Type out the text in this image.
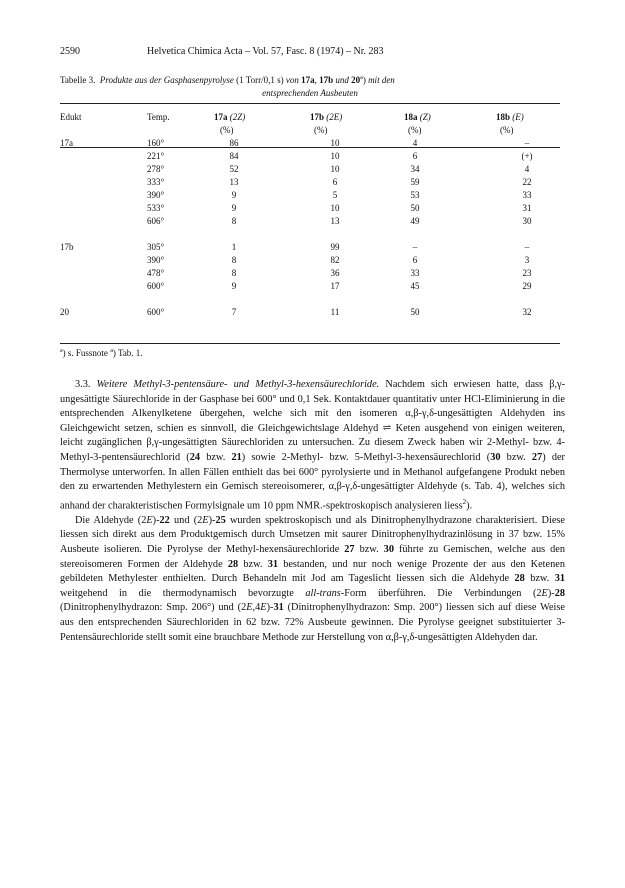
2590	Helvetica Chimica Acta – Vol. 57, Fasc. 8 (1974) – Nr. 283
Tabelle 3. Produkte aus der Gasphasenpyrolyse (1 Torr/0,1 s) von 17a, 17b und 20$^a$) mit den
entsprechenden Ausbeuten
Edukt	Temp.	17a (2Z)	17b (2E)	18a (Z)	18b (E)
		(%)	(%)	(%)	(%)
17a	160°	86	10	4	–
	221°	84	10	6	(+)
	278°	52	10	34	4
	333°	13	6	59	22
	390°	9	5	53	33
	533°	9	10	50	31
	606°	8	13	49	30

17b	305°	1	99	–	–
	390°	8	82	6	3
	478°	8	36	33	23
	600°	9	17	45	29

20	600°	7	11	50	32
$^a$) s. Fussnote $^a$) Tab. 1.

3.3. Weitere Methyl-3-pentensäure- und Methyl-3-hexensäurechloride. Nachdem sich erwiesen hatte, dass β,γ-ungesättigte Säurechloride in der Gasphase bei 600° und 0,1 Sek. Kontaktdauer quantitativ unter HCl-Eliminierung in die entsprechenden Alkenylketene übergehen, welche sich mit den isomeren α,β-γ,δ-ungesättigten Aldehyden ins Gleichgewicht setzen, schien es sinnvoll, die Gleichgewichtslage Aldehyd ⇌ Keten ausgehend von einigen weiteren, leicht zugänglichen β,γ-ungesättigten Säurechloriden zu untersuchen. Zu diesem Zweck haben wir 2-Methyl- bzw. 4-Methyl-3-pentensäurechlorid (24 bzw. 21) sowie 2-Methyl- bzw. 5-Methyl-3-hexensäurechlorid (30 bzw. 27) der Thermolyse unterworfen. In allen Fällen enthielt das bei 600° pyrolysierte und in Methanol aufgefangene Produkt neben den zu erwartenden Methylestern ein Gemisch stereoisomerer, α,β-γ,δ-ungesättigter Aldehyde (s. Tab. 4), welches sich anhand der charakteristischen Formylsignale um 10 ppm NMR.-spektroskopisch analysieren liess$^2$).

Die Aldehyde (2E)-22 und (2E)-25 wurden spektroskopisch und als Dinitrophenylhydrazone charakterisiert. Diese liessen sich direkt aus dem Produktgemisch durch Umsetzen mit saurer Dinitrophenylhydrazinlösung in 37 bzw. 15% Ausbeute isolieren. Die Pyrolyse der Methyl-hexensäurechloride 27 bzw. 30 führte zu Gemischen, welche aus den stereoisomeren Formen der Aldehyde 28 bzw. 31 bestanden, und nur noch wenige Prozente der aus den Ketenen gebildeten Methylester enthielten. Durch Behandeln mit Jod am Tageslicht liessen sich die Aldehyde 28 bzw. 31 weitgehend in die thermodynamisch bevorzugte all-trans-Form überführen. Die Verbindungen (2E)-28 (Dinitrophenylhydrazon: Smp. 206°) und (2E,4E)-31 (Dinitrophenylhydrazon: Smp. 200°) liessen sich auf diese Weise aus den entsprechenden Säurechloriden in 62 bzw. 72% Ausbeute gewinnen. Die Pyrolyse geeignet substituierter 3-Pentensäurechloride stellt somit eine brauchbare Methode zur Herstellung von α,β-γ,δ-ungesättigten Aldehyden dar.
